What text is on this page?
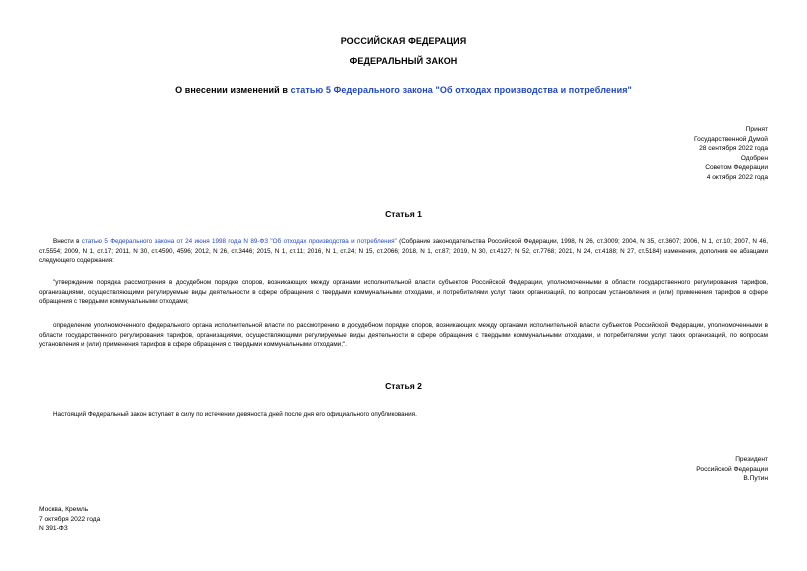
РОССИЙСКАЯ ФЕДЕРАЦИЯ
ФЕДЕРАЛЬНЫЙ ЗАКОН
О внесении изменений в статью 5 Федерального закона "Об отходах производства и потребления"
Принят
Государственной Думой
28 сентября 2022 года
Одобрен
Советом Федерации
4 октября 2022 года
Статья 1
Внести в статью 5 Федерального закона от 24 июня 1998 года N 89-ФЗ "Об отходах производства и потребления" (Собрание законодательства Российской Федерации, 1998, N 26, ст.3009; 2004, N 35, ст.3607; 2006, N 1, ст.10; 2007, N 46, ст.5554; 2009, N 1, ст.17; 2011, N 30, ст.4590, 4596; 2012, N 26, ст.3446; 2015, N 1, ст.11; 2016, N 1, ст.24; N 15, ст.2066; 2018, N 1, ст.87; 2019, N 30, ст.4127; N 52, ст.7768; 2021, N 24, ст.4188; N 27, ст.5184) изменения, дополнив ее абзацами следующего содержания:
"утверждение порядка рассмотрения в досудебном порядке споров, возникающих между органами исполнительной власти субъектов Российской Федерации, уполномоченными в области государственного регулирования тарифов, организациями, осуществляющими регулируемые виды деятельности в сфере обращения с твердыми коммунальными отходами, и потребителями услуг таких организаций, по вопросам установления и (или) применения тарифов в сфере обращения с твердыми коммунальными отходами;
определение уполномоченного федерального органа исполнительной власти по рассмотрению в досудебном порядке споров, возникающих между органами исполнительной власти субъектов Российской Федерации, уполномоченными в области государственного регулирования тарифов, организациями, осуществляющими регулируемые виды деятельности в сфере обращения с твердыми коммунальными отходами, и потребителями услуг таких организаций, по вопросам установления и (или) применения тарифов в сфере обращения с твердыми коммунальными отходами;".
Статья 2
Настоящий Федеральный закон вступает в силу по истечении девяноста дней после дня его официального опубликования.
Президент
Российской Федерации
В.Путин
Москва, Кремль
7 октября 2022 года
N 391-ФЗ
